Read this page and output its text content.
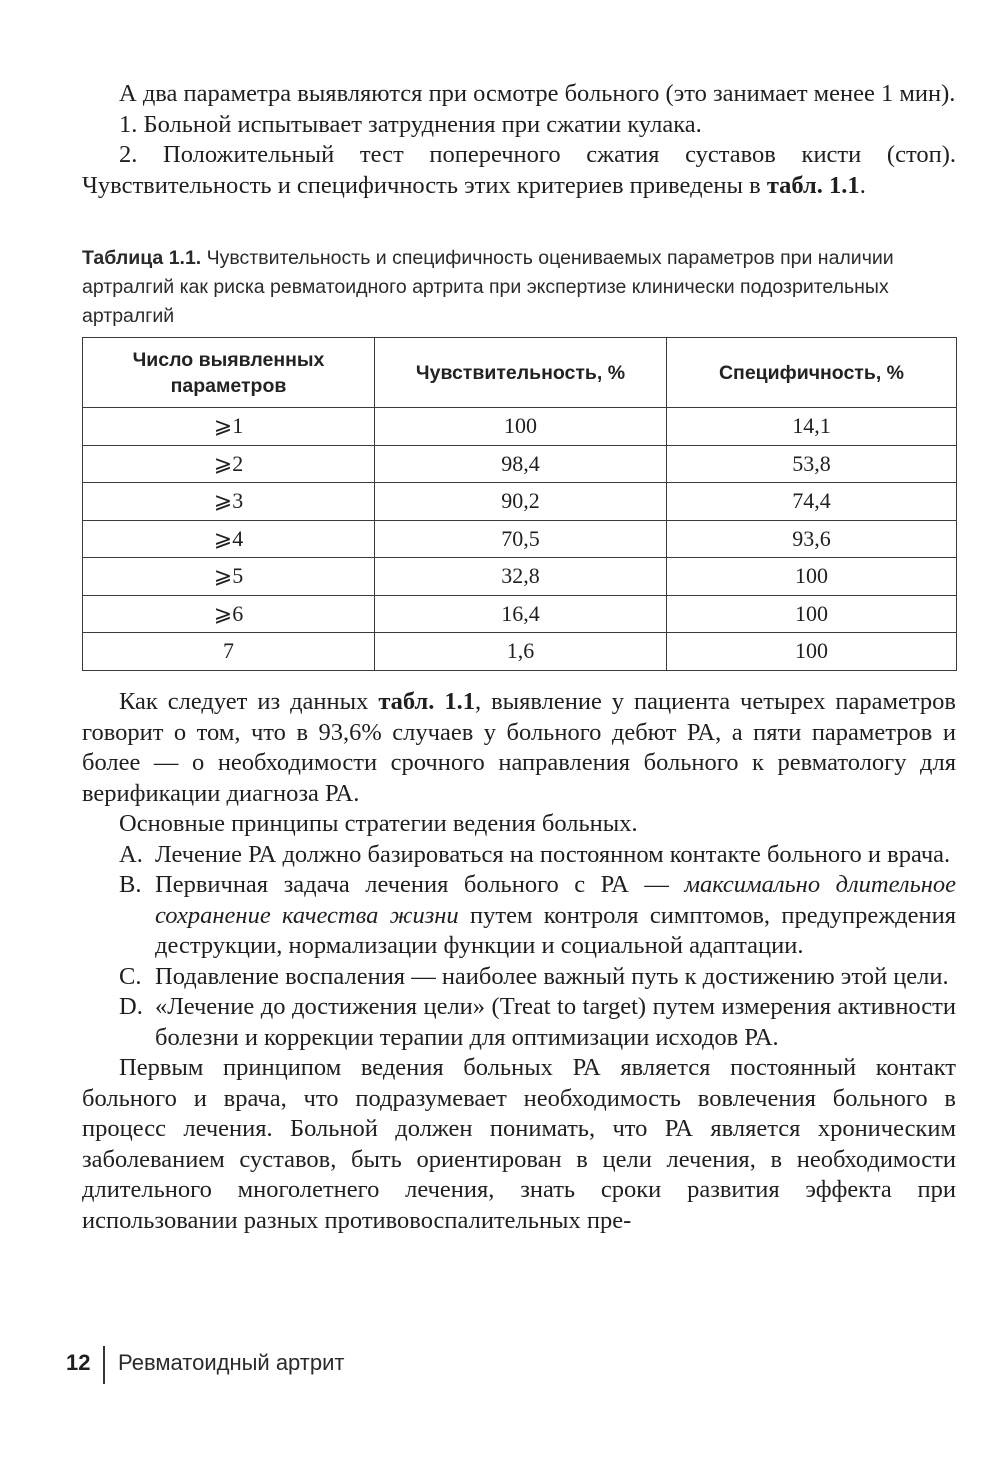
А два параметра выявляются при осмотре больного (это занимает менее 1 мин).

1. Больной испытывает затруднения при сжатии кулака.

2. Положительный тест поперечного сжатия суставов кисти (стоп). Чувствительность и специфичность этих критериев приведены в табл. 1.1.

Таблица 1.1. Чувствительность и специфичность оцениваемых параметров при наличии артралгий как риска ревматоидного артрита при экспертизе клинически подозрительных артралгий

Число выявленных параметров	Чувствительность, %	Специфичность, %
⩾1	100	14,1
⩾2	98,4	53,8
⩾3	90,2	74,4
⩾4	70,5	93,6
⩾5	32,8	100
⩾6	16,4	100
7	1,6	100

Как следует из данных табл. 1.1, выявление у пациента четырех параметров говорит о том, что в 93,6% случаев у больного дебют РА, а пяти параметров и более — о необходимости срочного направления больного к ревматологу для верификации диагноза РА.

Основные принципы стратегии ведения больных.

A. Лечение РА должно базироваться на постоянном контакте больного и врача.
B. Первичная задача лечения больного с РА — максимально длительное сохранение качества жизни путем контроля симптомов, предупреждения деструкции, нормализации функции и социальной адаптации.
C. Подавление воспаления — наиболее важный путь к достижению этой цели.
D. «Лечение до достижения цели» (Treat to target) путем измерения активности болезни и коррекции терапии для оптимизации исходов РА.

Первым принципом ведения больных РА является постоянный контакт больного и врача, что подразумевает необходимость вовлечения больного в процесс лечения. Больной должен понимать, что РА является хроническим заболеванием суставов, быть ориентирован в цели лечения, в необходимости длительного многолетнего лечения, знать сроки развития эффекта при использовании разных противовоспалительных пре-

12 Ревматоидный артрит
